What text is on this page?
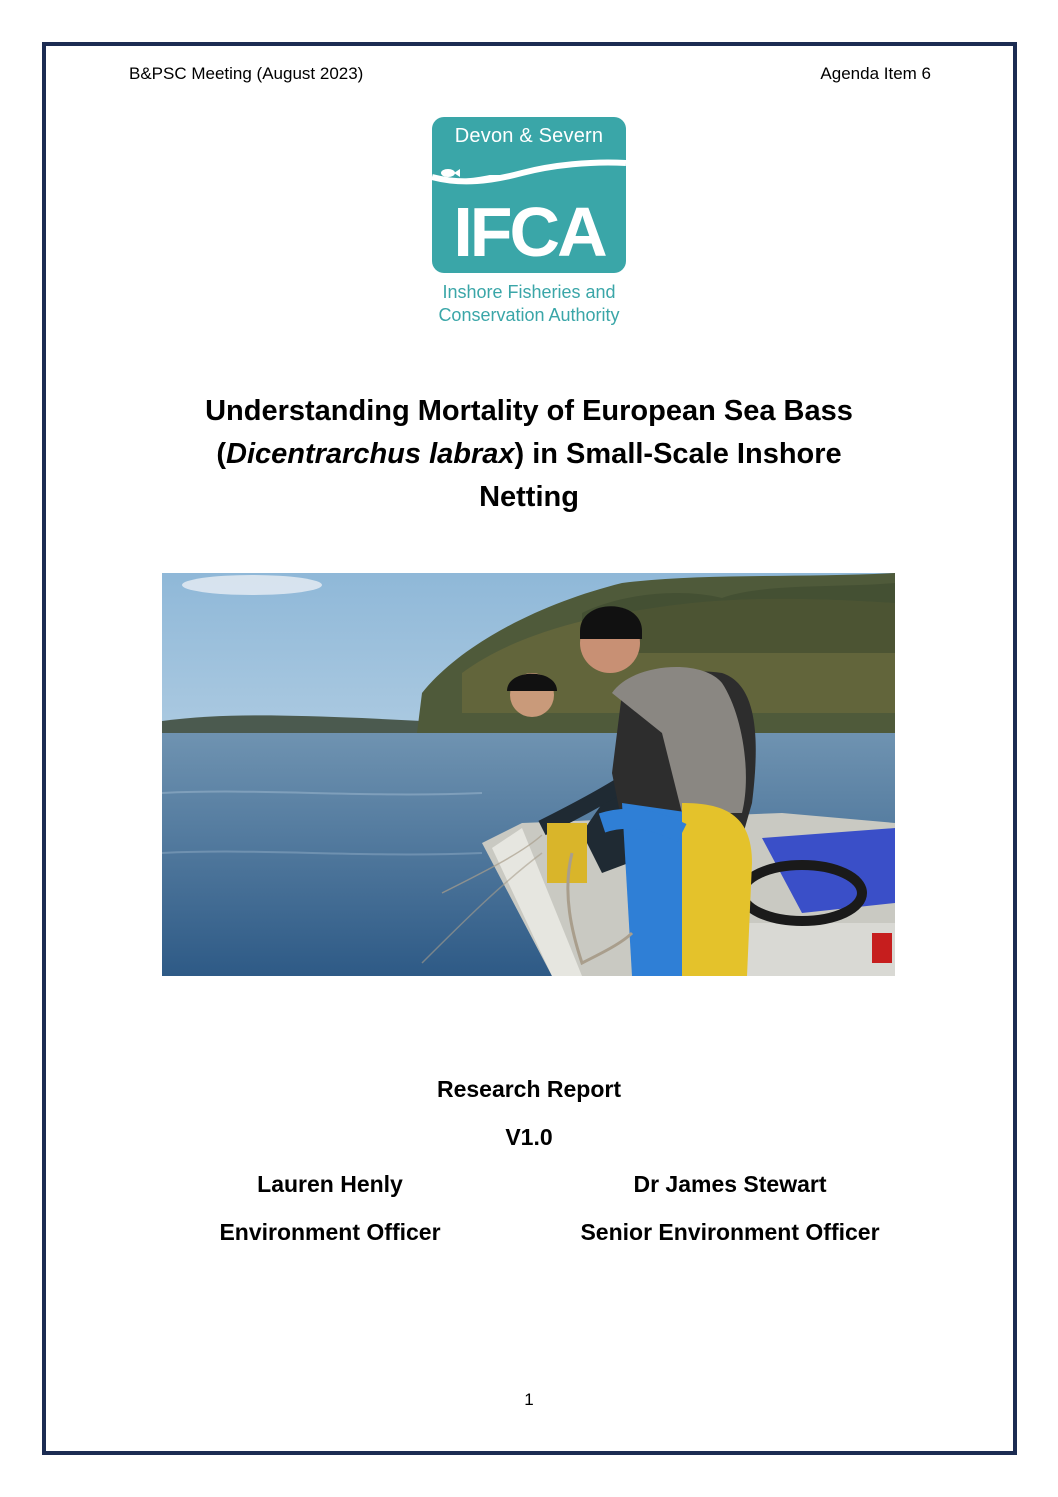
B&PSC Meeting (August 2023)	Agenda Item 6
Devon & Severn
IFCA
Inshore Fisheries and
Conservation Authority
Understanding Mortality of European Sea Bass
(Dicentrarchus labrax) in Small-Scale Inshore
Netting
Research Report
V1.0
Lauren Henly	Dr James Stewart
Environment Officer	Senior Environment Officer
1
